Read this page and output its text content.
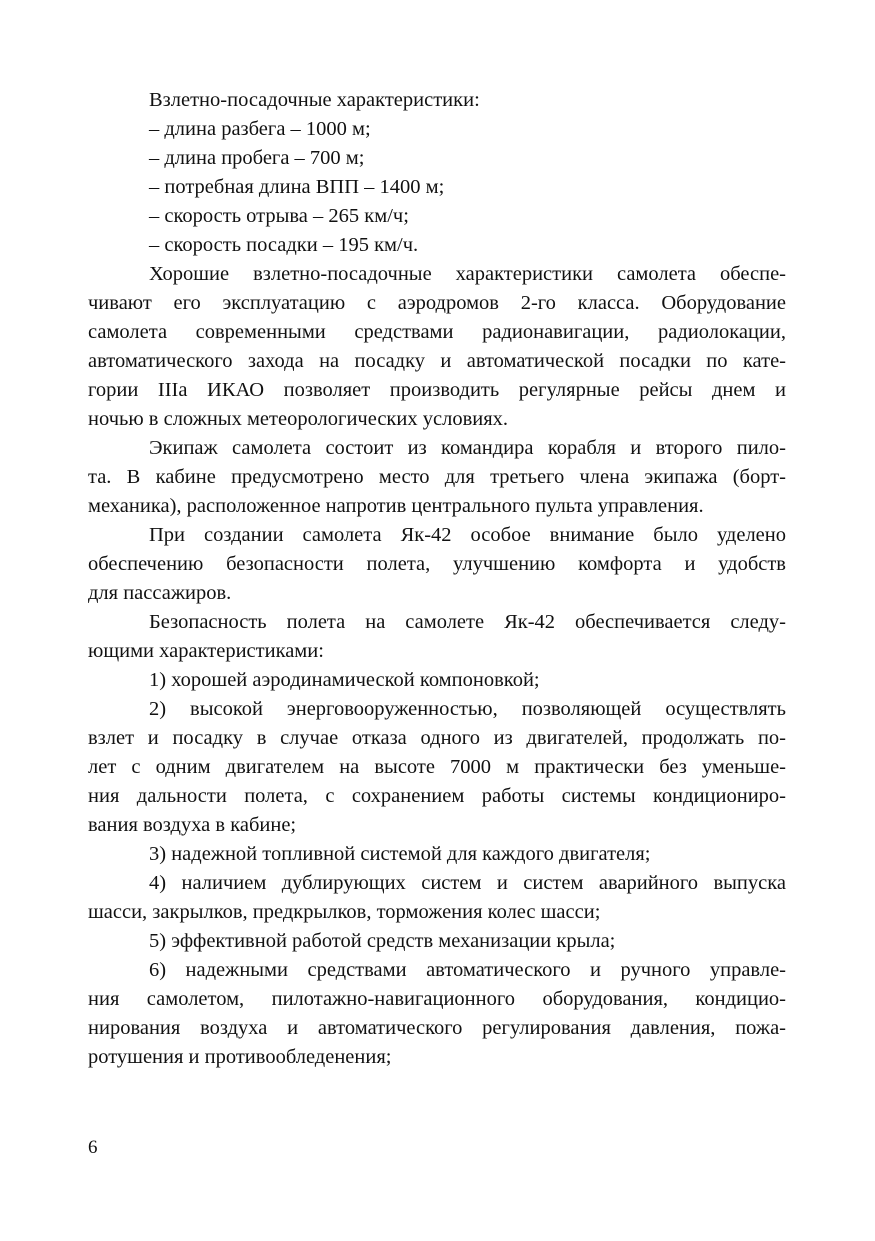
Взлетно-посадочные характеристики:
– длина разбега – 1000 м;
– длина пробега – 700 м;
– потребная длина ВПП – 1400 м;
– скорость отрыва – 265 км/ч;
– скорость посадки – 195 км/ч.
Хорошие взлетно-посадочные характеристики самолета обеспе-
чивают его эксплуатацию с аэродромов 2-го класса. Оборудование
самолета современными средствами радионавигации, радиолокации,
автоматического захода на посадку и автоматической посадки по кате-
гории IIIа ИКАО позволяет производить регулярные рейсы днем и
ночью в сложных метеорологических условиях.
Экипаж самолета состоит из командира корабля и второго пило-
та. В кабине предусмотрено место для третьего члена экипажа (борт-
механика), расположенное напротив центрального пульта управления.
При создании самолета Як-42 особое внимание было уделено
обеспечению безопасности полета, улучшению комфорта и удобств
для пассажиров.
Безопасность полета на самолете Як-42 обеспечивается следу-
ющими характеристиками:
1) хорошей аэродинамической компоновкой;
2) высокой энерговооруженностью, позволяющей осуществлять
взлет и посадку в случае отказа одного из двигателей, продолжать по-
лет с одним двигателем на высоте 7000 м практически без уменьше-
ния дальности полета, с сохранением работы системы кондициониро-
вания воздуха в кабине;
3) надежной топливной системой для каждого двигателя;
4) наличием дублирующих систем и систем аварийного выпуска
шасси, закрылков, предкрылков, торможения колес шасси;
5) эффективной работой средств механизации крыла;
6) надежными средствами автоматического и ручного управле-
ния самолетом, пилотажно-навигационного оборудования, кондицио-
нирования воздуха и автоматического регулирования давления, пожа-
ротушения и противообледенения;
6
